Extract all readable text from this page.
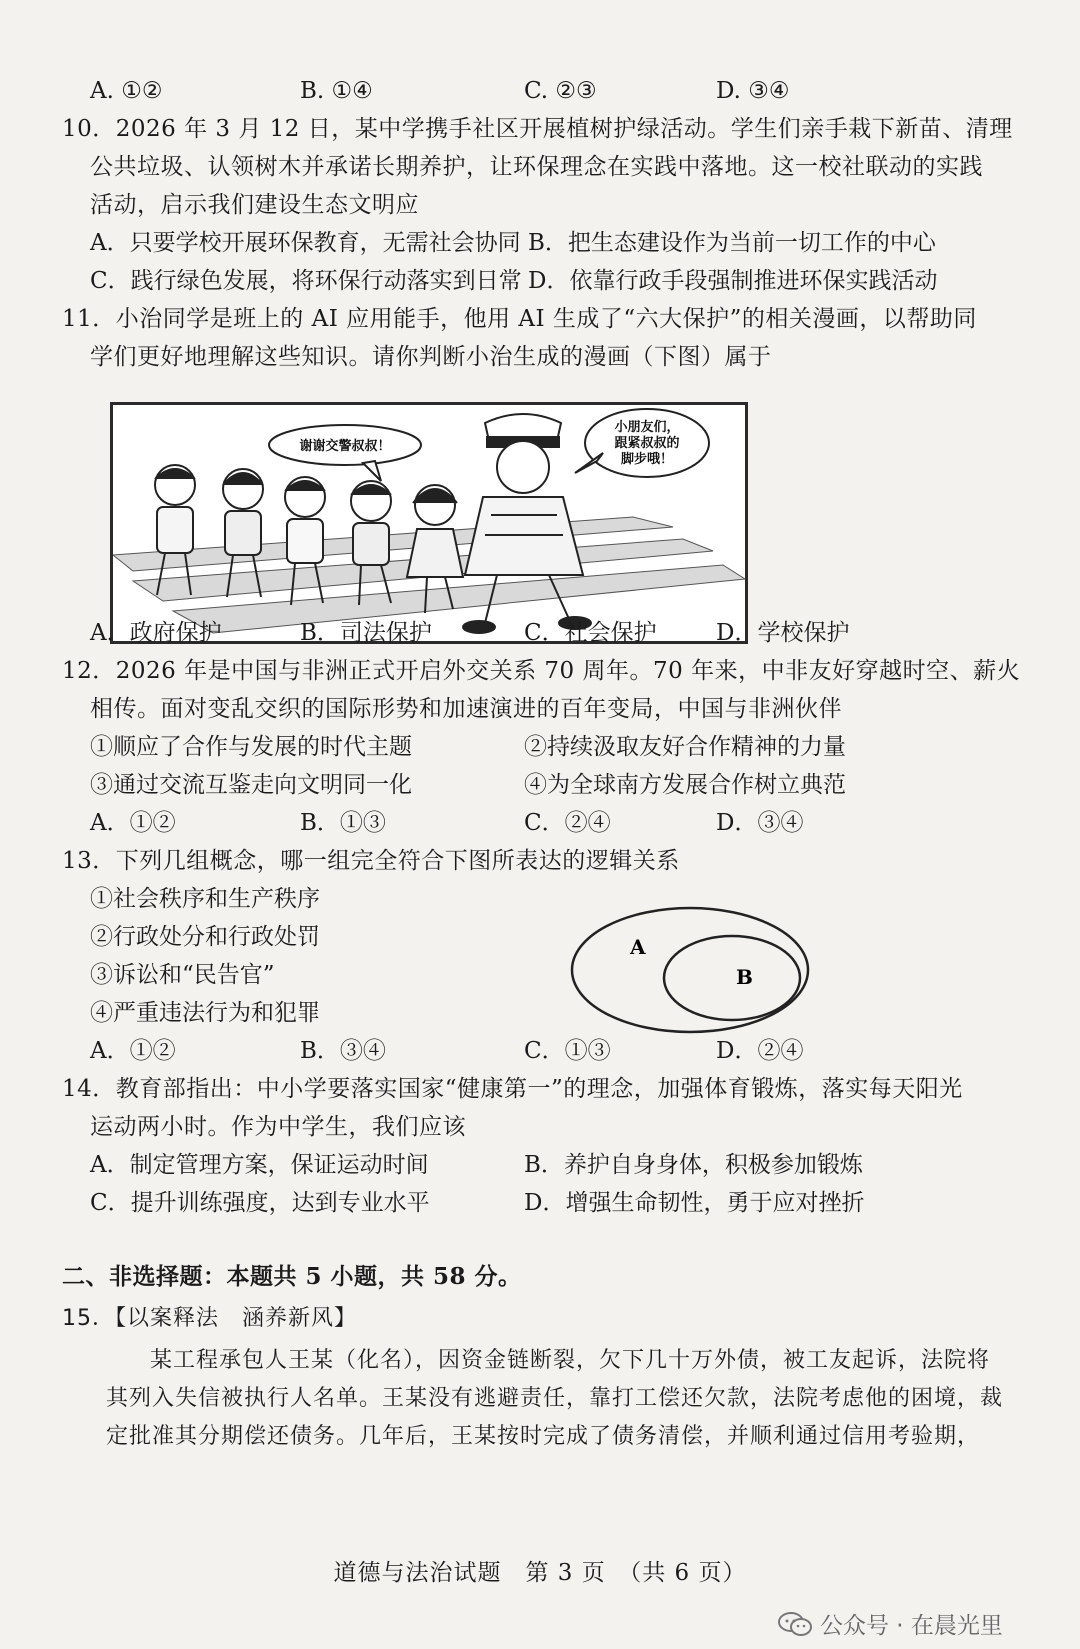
A. ①②	B. ①④	C. ②③	D. ③④
10．2026 年 3 月 12 日，某中学携手社区开展植树护绿活动。学生们亲手栽下新苗、清理
公共垃圾、认领树木并承诺长期养护，让环保理念在实践中落地。这一校社联动的实践
活动，启示我们建设生态文明应
A．只要学校开展环保教育，无需社会协同 B．把生态建设作为当前一切工作的中心
C．践行绿色发展，将环保行动落实到日常 D．依靠行政手段强制推进环保实践活动
11．小治同学是班上的 AI 应用能手，他用 AI 生成了“六大保护”的相关漫画，以帮助同
学们更好地理解这些知识。请你判断小治生成的漫画（下图）属于
谢谢交警叔叔！
小朋友们，
跟紧叔叔的
脚步哦！
A．政府保护	B．司法保护	C．社会保护	D．学校保护
12．2026 年是中国与非洲正式开启外交关系 70 周年。70 年来，中非友好穿越时空、薪火
相传。面对变乱交织的国际形势和加速演进的百年变局，中国与非洲伙伴
①顺应了合作与发展的时代主题	②持续汲取友好合作精神的力量
③通过交流互鉴走向文明同一化	④为全球南方发展合作树立典范
A．①②	B．①③	C．②④	D．③④
13．下列几组概念，哪一组完全符合下图所表达的逻辑关系
①社会秩序和生产秩序
②行政处分和行政处罚
③诉讼和“民告官”
④严重违法行为和犯罪
A
B
A．①②	B．③④	C．①③	D．②④
14．教育部指出：中小学要落实国家“健康第一”的理念，加强体育锻炼，落实每天阳光
运动两小时。作为中学生，我们应该
A．制定管理方案，保证运动时间	B．养护自身身体，积极参加锻炼
C．提升训练强度，达到专业水平	D．增强生命韧性，勇于应对挫折
二、非选择题：本题共 5 小题，共 58 分。
15．【以案释法　涵养新风】
某工程承包人王某（化名），因资金链断裂，欠下几十万外债，被工友起诉，法院将
其列入失信被执行人名单。王某没有逃避责任，靠打工偿还欠款，法院考虑他的困境，裁
定批准其分期偿还债务。几年后，王某按时完成了债务清偿，并顺利通过信用考验期，
道德与法治试题　第 3 页　（共 6 页）
公众号 · 在晨光里
